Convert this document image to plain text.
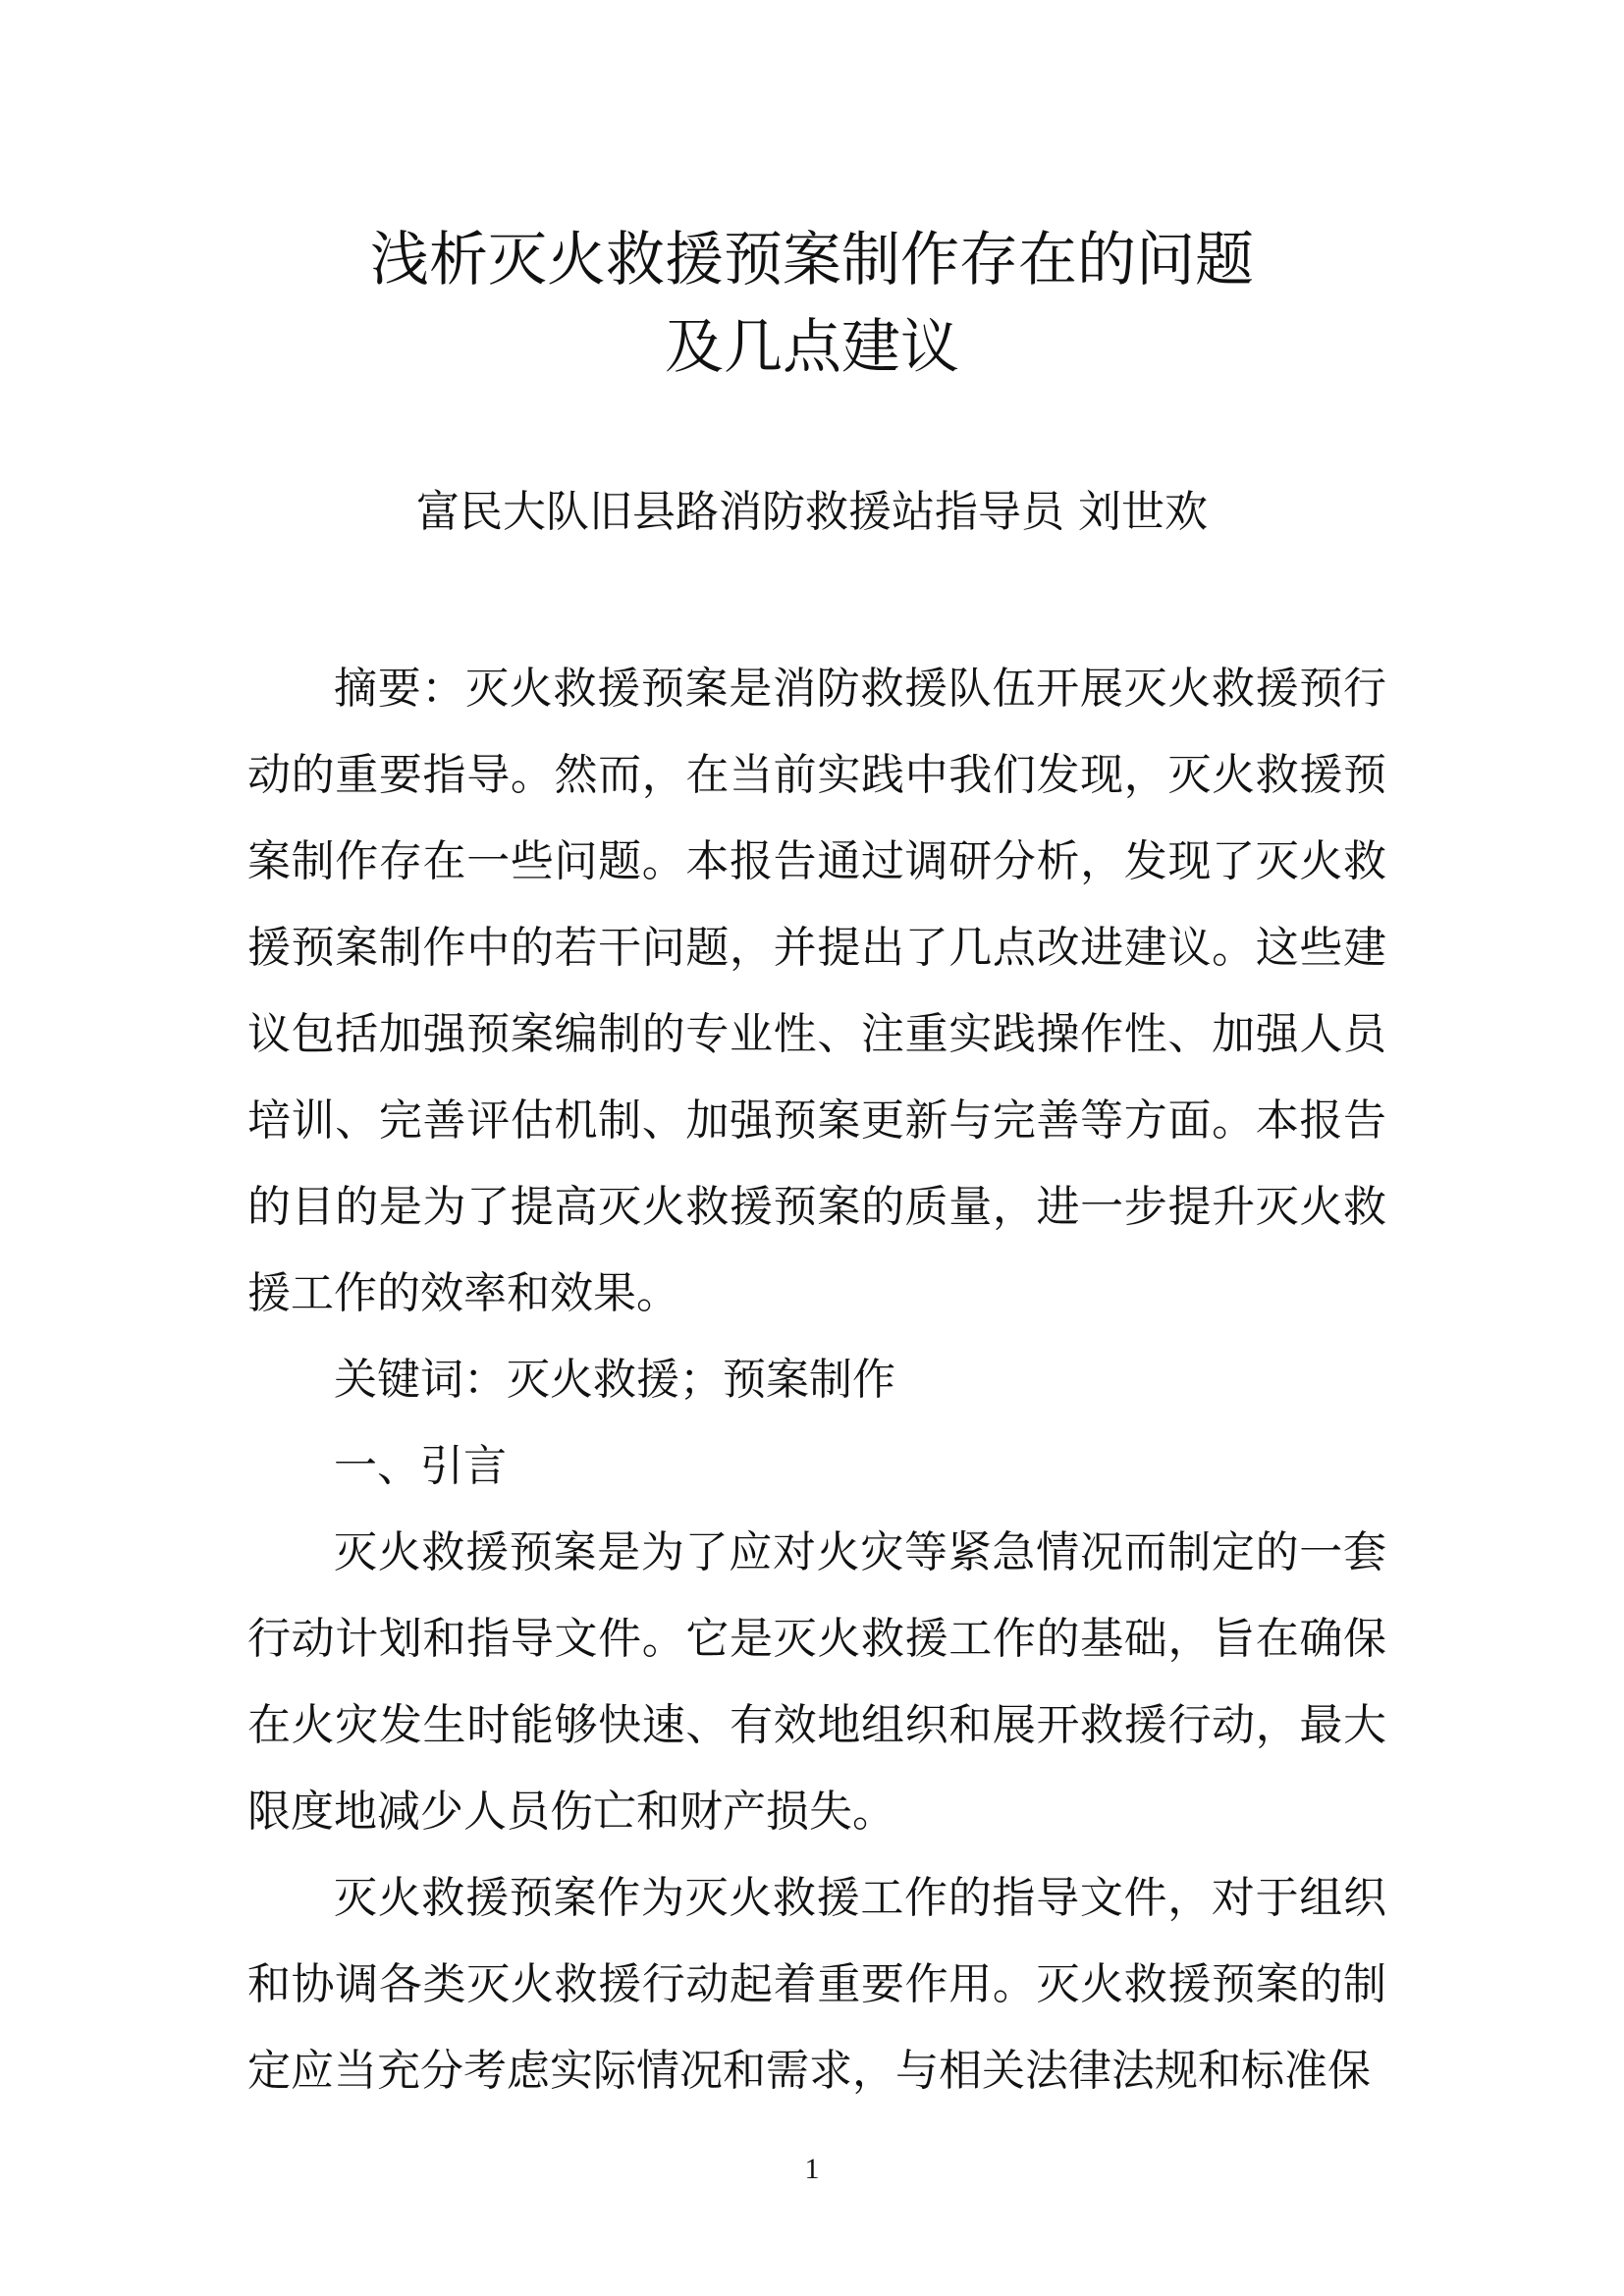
浅析灭火救援预案制作存在的问题
及几点建议
富民大队旧县路消防救援站指导员 刘世欢

摘要：灭火救援预案是消防救援队伍开展灭火救援预行动的重要指导。然而，在当前实践中我们发现，灭火救援预案制作存在一些问题。本报告通过调研分析，发现了灭火救援预案制作中的若干问题，并提出了几点改进建议。这些建议包括加强预案编制的专业性、注重实践操作性、加强人员培训、完善评估机制、加强预案更新与完善等方面。本报告的目的是为了提高灭火救援预案的质量，进一步提升灭火救援工作的效率和效果。

关键词：灭火救援；预案制作

一、引言

灭火救援预案是为了应对火灾等紧急情况而制定的一套行动计划和指导文件。它是灭火救援工作的基础，旨在确保在火灾发生时能够快速、有效地组织和展开救援行动，最大限度地减少人员伤亡和财产损失。

灭火救援预案作为灭火救援工作的指导文件，对于组织和协调各类灭火救援行动起着重要作用。灭火救援预案的制定应当充分考虑实际情况和需求，与相关法律法规和标准保

1
